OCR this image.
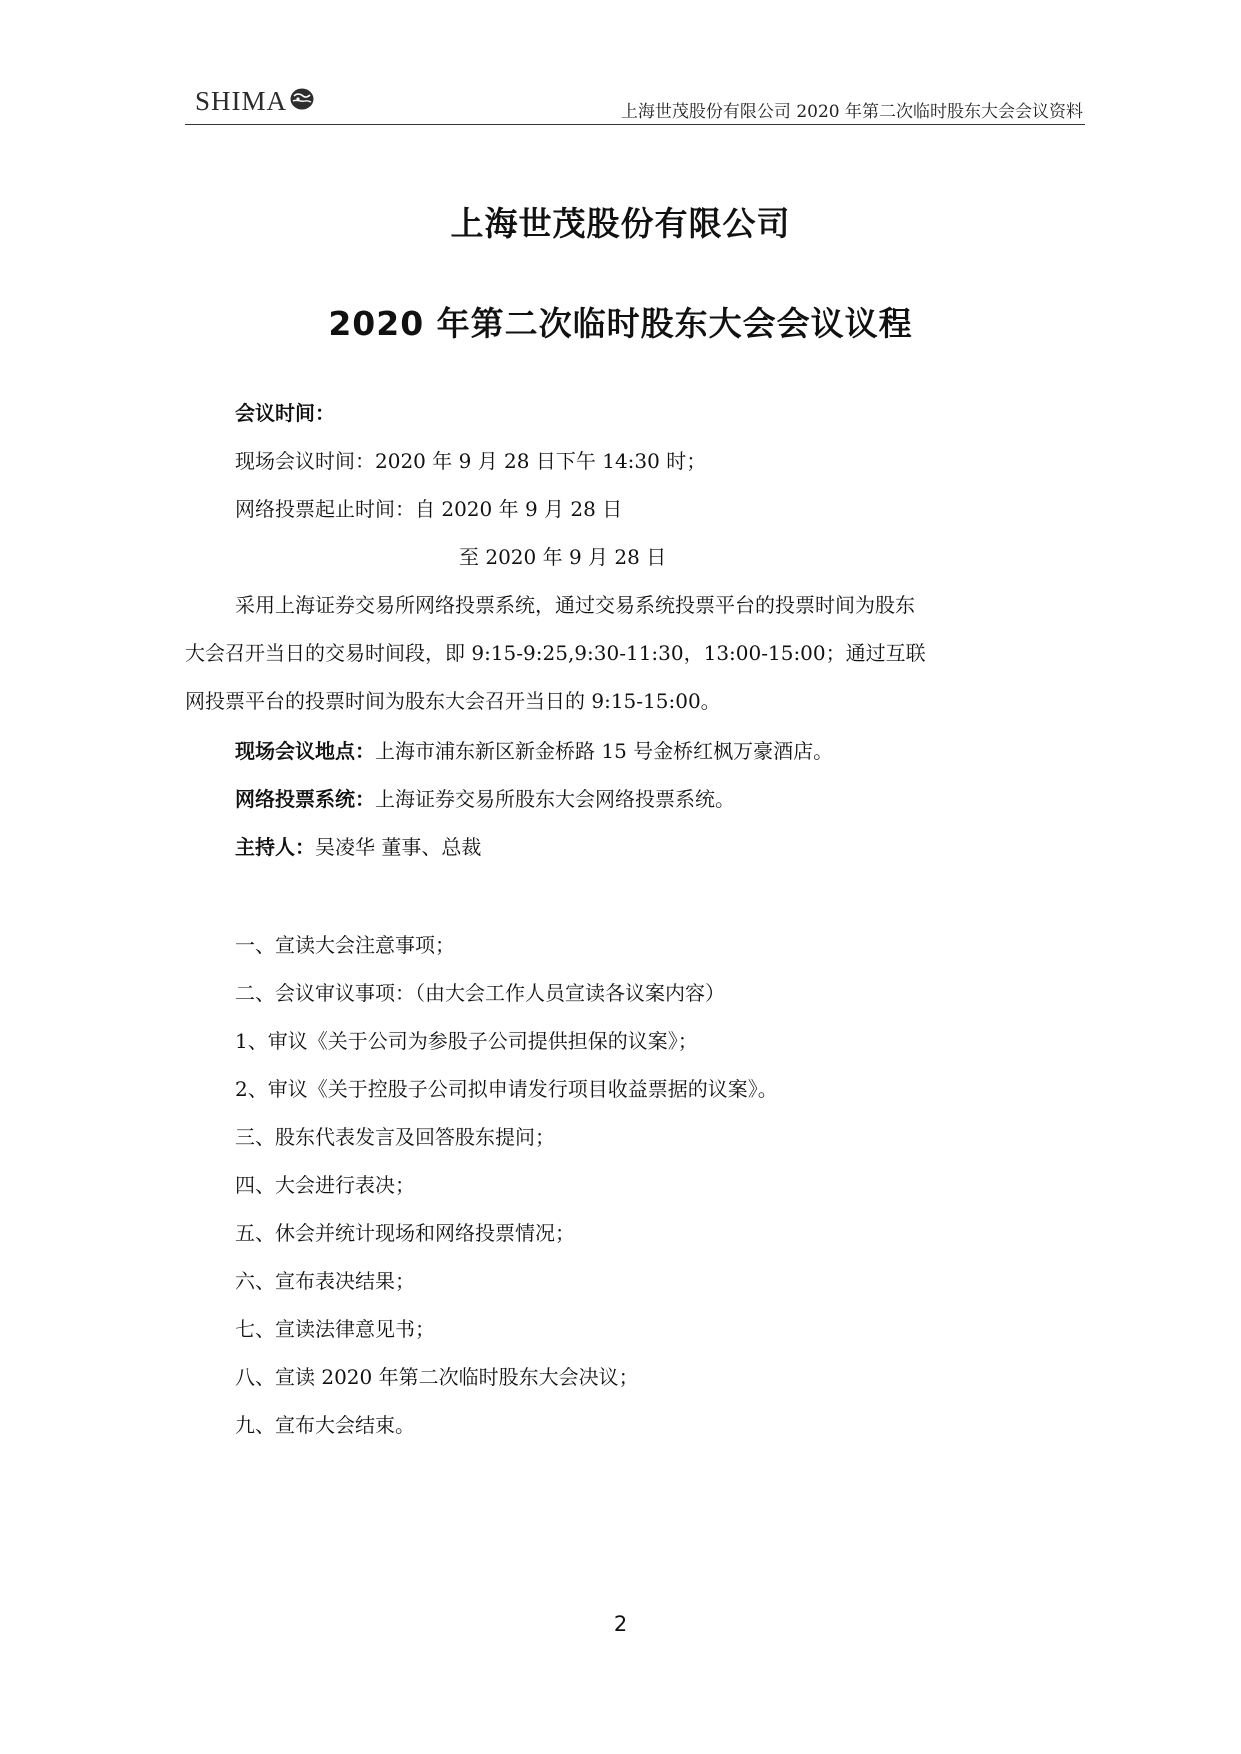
SHIMA	上海世茂股份有限公司 2020 年第二次临时股东大会会议资料
上海世茂股份有限公司
2020 年第二次临时股东大会会议议程
会议时间：
现场会议时间：2020 年 9 月 28 日下午 14:30 时；
网络投票起止时间：自 2020 年 9 月 28 日
至 2020 年 9 月 28 日
采用上海证券交易所网络投票系统，通过交易系统投票平台的投票时间为股东
大会召开当日的交易时间段，即 9:15-9:25,9:30-11:30，13:00-15:00；通过互联
网投票平台的投票时间为股东大会召开当日的 9:15-15:00。
现场会议地点：上海市浦东新区新金桥路 15 号金桥红枫万豪酒店。
网络投票系统：上海证券交易所股东大会网络投票系统。
主持人：吴凌华 董事、总裁
一、宣读大会注意事项；
二、会议审议事项：（由大会工作人员宣读各议案内容）
1、审议《关于公司为参股子公司提供担保的议案》；
2、审议《关于控股子公司拟申请发行项目收益票据的议案》。
三、股东代表发言及回答股东提问；
四、大会进行表决；
五、休会并统计现场和网络投票情况；
六、宣布表决结果；
七、宣读法律意见书；
八、宣读 2020 年第二次临时股东大会决议；
九、宣布大会结束。
2
